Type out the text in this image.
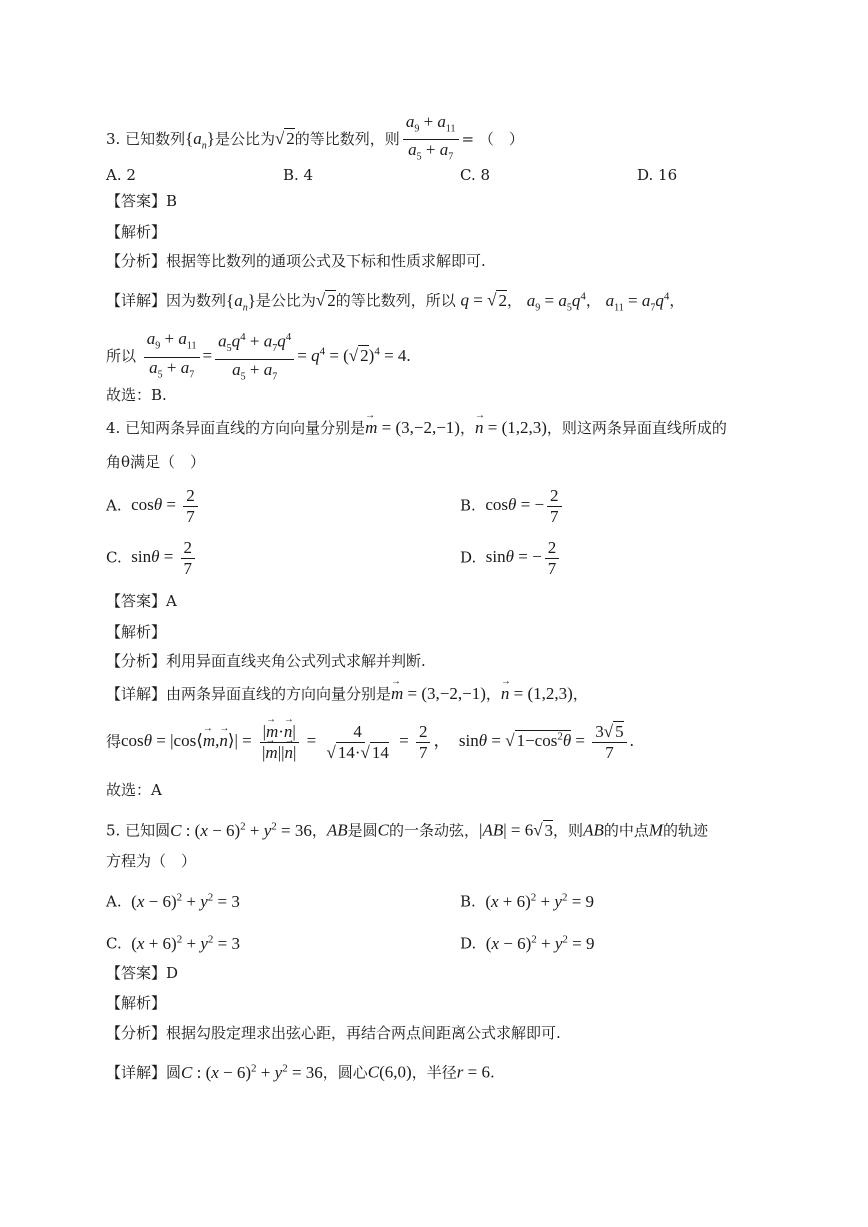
3. 已知数列$\{a_n\}$是公比为√ 2的等比数列，则 $\frac{a_9 + a_{11}}{a_5 + a_7}$ = （　）
A. 2	B. 4	C. 8	D. 16
【答案】B
【解析】
【分析】根据等比数列的通项公式及下标和性质求解即可.
【详解】因为数列$\{a_n\}$是公比为√ 2的等比数列，所以 q = √ 2， $a_9 = a_5q^4$， $a_{11} = a_7q^4$，
所以 $\frac{a_9 + a_{11}}{a_5 + a_7} = \frac{a_5q^4 + a_7q^4}{a_5 + a_7} = q^4$ = (√ 2)$^4$ = 4.
故选：B.
4. 已知两条异面直线的方向向量分别是→ m = (3,−2,−1)，→ n = (1,2,3)，则这两条异面直线所成的
角θ满足（　）
A.  $\cos\theta = \frac{2}{7}$	B.  cosθ = − $\frac{2}{7}$
C.  $\sin\theta = \frac{2}{7}$	D.  sinθ = − $\frac{2}{7}$
【答案】A
【解析】
【分析】利用异面直线夹角公式列式求解并判断.
【详解】由两条异面直线的方向向量分别是→ m = (3,−2,−1)，→ n = (1,2,3)，
得cosθ = |cos⟨→ m,→ n⟩| = $\frac{|\to m\cdot\to n|}{|\to m||\to n|} = \frac{4}{√ 14\cdot√ 14} = \frac{2}{7}$ ，  sinθ = √ $1-\cos^2\theta = \frac{3√ 5}{7}$ .
故选：A
5. 已知圆C : $(x - 6)^2 + y^2 = 36$，AB是圆C的一条动弦，|AB| = 6√ 3，则AB的中点M的轨迹
方程为（　）
A.  $(x - 6)^2 + y^2 = 3$	B.  $(x + 6)^2 + y^2 = 9$
C.  $(x + 6)^2 + y^2 = 3$	D.  $(x - 6)^2 + y^2 = 9$
【答案】D
【解析】
【分析】根据勾股定理求出弦心距，再结合两点间距离公式求解即可.
【详解】圆C : $(x - 6)^2 + y^2 = 36$，圆心C(6,0)，半径r = 6.
